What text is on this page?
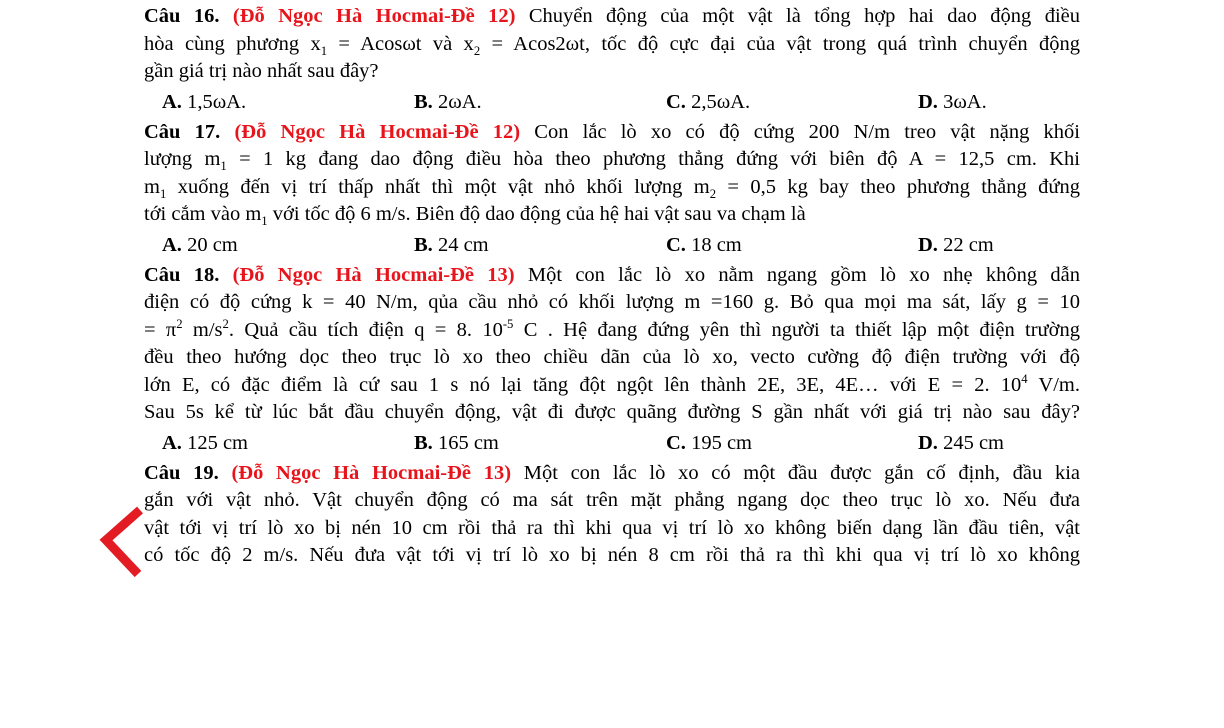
Câu 16. (Đỗ Ngọc Hà Hocmai-Đề 12) Chuyển động của một vật là tổng hợp hai dao động điều
hòa cùng phương $x_1 = Acos\omega t$ và $x_2 = Acos2\omega t$, tốc độ cực đại của vật trong quá trình chuyển động
gần giá trị nào nhất sau đây?
A. 1,5ωA.	B. 2ωA.	C. 2,5ωA.	D. 3ωA.
Câu 17. (Đỗ Ngọc Hà Hocmai-Đề 12) Con lắc lò xo có độ cứng 200 N/m treo vật nặng khối
lượng $m_1 = 1$ kg đang dao động điều hòa theo phương thẳng đứng với biên độ A = 12,5 cm. Khi
$m_1$ xuống đến vị trí thấp nhất thì một vật nhỏ khối lượng $m_2 = 0,5$ kg bay theo phương thẳng đứng
tới cắm vào $m_1$ với tốc độ 6 m/s. Biên độ dao động của hệ hai vật sau va chạm là
A. 20 cm	B. 24 cm	C. 18 cm	D. 22 cm
Câu 18. (Đỗ Ngọc Hà Hocmai-Đề 13) Một con lắc lò xo nằm ngang gồm lò xo nhẹ không dẫn
điện có độ cứng k = 40 N/m, qủa cầu nhỏ có khối lượng m =160 g. Bỏ qua mọi ma sát, lấy g = 10
= $\pi^2$ $m/s^2$. Quả cầu tích điện q = 8. $10^{-5}$ C . Hệ đang đứng yên thì người ta thiết lập một điện trường
đều theo hướng dọc theo trục lò xo theo chiều dãn của lò xo, vecto cường độ điện trường với độ
lớn E, có đặc điểm là cứ sau 1 s nó lại tăng đột ngột lên thành 2E, 3E, 4E… với E = 2. $10^4$ V/m.
Sau 5s kể từ lúc bắt đầu chuyển động, vật đi được quãng đường S gần nhất với giá trị nào sau đây?
A. 125 cm	B. 165 cm	C. 195 cm	D. 245 cm
Câu 19. (Đỗ Ngọc Hà Hocmai-Đề 13) Một con lắc lò xo có một đầu được gắn cố định, đầu kia
gắn với vật nhỏ. Vật chuyển động có ma sát trên mặt phẳng ngang dọc theo trục lò xo. Nếu đưa
vật tới vị trí lò xo bị nén 10 cm rồi thả ra thì khi qua vị trí lò xo không biến dạng lần đầu tiên, vật
có tốc độ 2 m/s. Nếu đưa vật tới vị trí lò xo bị nén 8 cm rồi thả ra thì khi qua vị trí lò xo không
